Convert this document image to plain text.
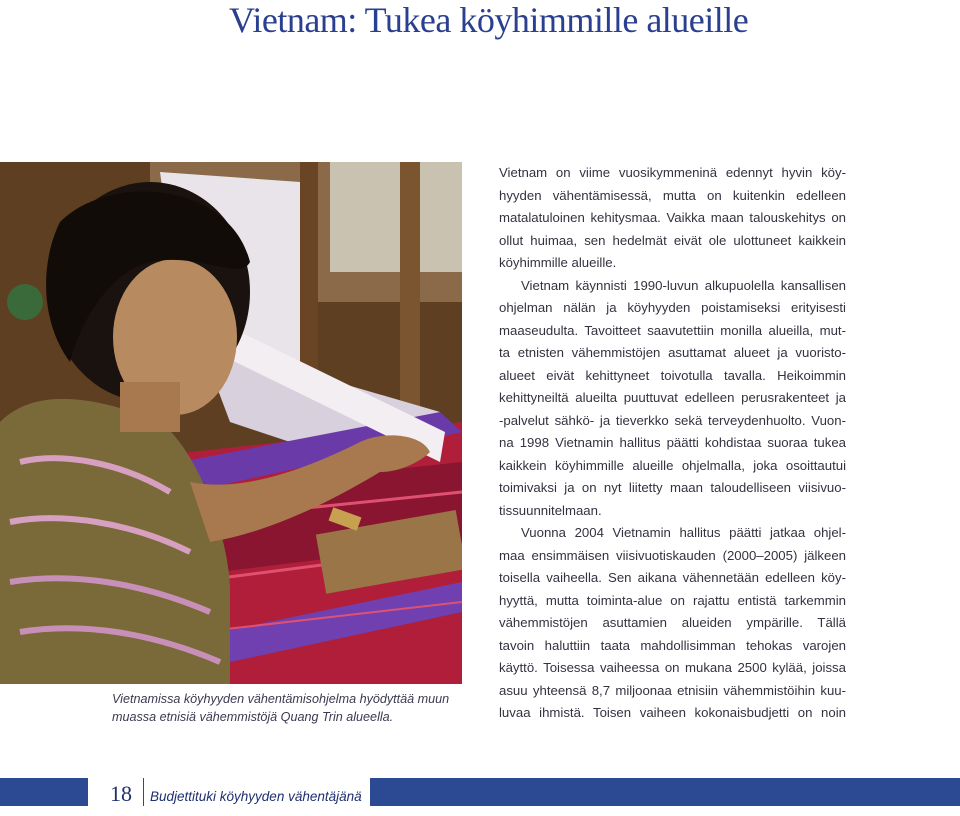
Vietnam: Tukea köyhimmille alueille
Vietnamissa köyhyyden vähentämisohjelma hyödyttää muun
muassa etnisiä vähemmistöjä Quang Trin alueella.
Vietnam on viime vuosikymmeninä edennyt hyvin köy-
hyyden vähentämisessä, mutta on kuitenkin edelleen
matalatuloinen kehitysmaa. Vaikka maan talouskehitys on
ollut huimaa, sen hedelmät eivät ole ulottuneet kaikkein
köyhimmille alueille.
Vietnam käynnisti 1990-luvun alkupuolella kansallisen
ohjelman nälän ja köyhyyden poistamiseksi erityisesti
maaseudulta. Tavoitteet saavutettiin monilla alueilla, mut-
ta etnisten vähemmistöjen asuttamat alueet ja vuoristo-
alueet eivät kehittyneet toivotulla tavalla. Heikoimmin
kehittyneiltä alueilta puuttuvat edelleen perusrakenteet ja
-palvelut sähkö- ja tieverkko sekä terveydenhuolto. Vuon-
na 1998 Vietnamin hallitus päätti kohdistaa suoraa tukea
kaikkein köyhimmille alueille ohjelmalla, joka osoittautui
toimivaksi ja on nyt liitetty maan taloudelliseen viisivuo-
tissuunnitelmaan.
Vuonna 2004 Vietnamin hallitus päätti jatkaa ohjel-
maa ensimmäisen viisivuotiskauden (2000–2005) jälkeen
toisella vaiheella. Sen aikana vähennetään edelleen köy-
hyyttä, mutta toiminta-alue on rajattu entistä tarkemmin
vähemmistöjen asuttamien alueiden ympärille. Tällä
tavoin haluttiin taata mahdollisimman tehokas varojen
käyttö. Toisessa vaiheessa on mukana 2500 kylää, joissa
asuu yhteensä 8,7 miljoonaa etnisiin vähemmistöihin kuu-
luvaa ihmistä. Toisen vaiheen kokonaisbudjetti on noin
18	Budjettituki köyhyyden vähentäjänä
